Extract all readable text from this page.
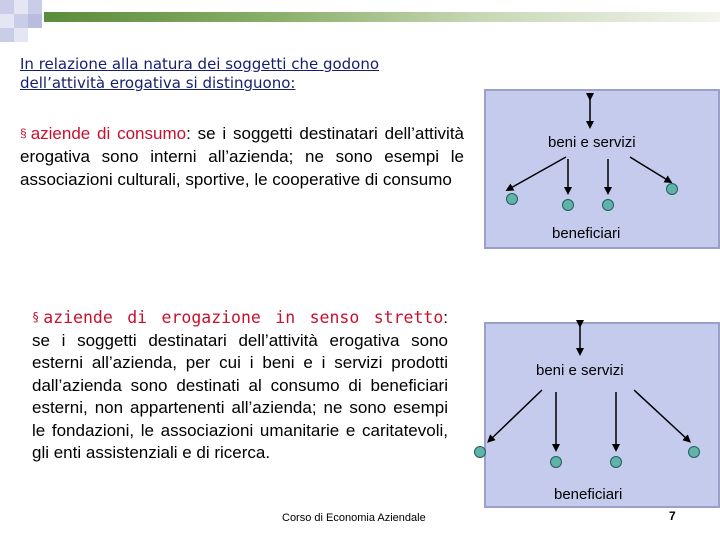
In relazione alla natura dei soggetti che godono dell’attività erogativa si distinguono:
§ aziende di consumo: se i soggetti destinatari dell’attività erogativa sono interni all’azienda; ne sono esempi le associazioni culturali, sportive, le cooperative di consumo
beni e servizi
beneficiari
§ aziende di erogazione in senso stretto: se i soggetti destinatari dell’attività erogativa sono esterni all’azienda, per cui i beni e i servizi prodotti dall’azienda sono destinati al consumo di beneficiari esterni, non appartenenti all’azienda; ne sono esempi le fondazioni, le associazioni umanitarie e caritatevoli, gli enti assistenziali e di ricerca.
beni e servizi
beneficiari
Corso di Economia Aziendale	7
